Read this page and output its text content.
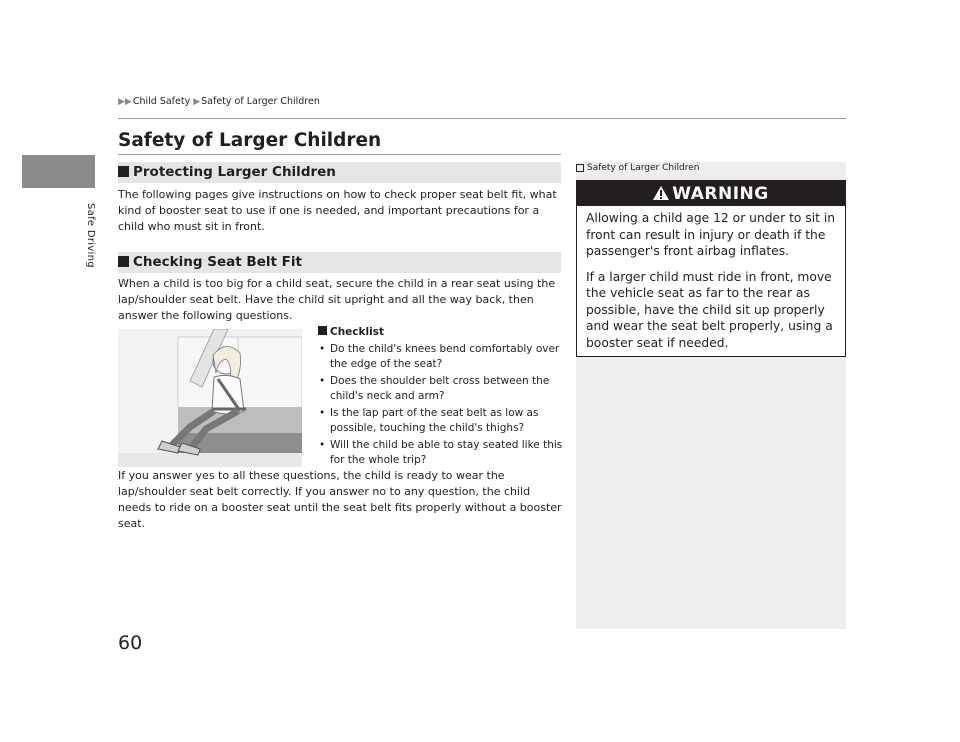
Safe Driving
▶▶ Child Safety ▶ Safety of Larger Children
Safety of Larger Children
Protecting Larger Children
The following pages give instructions on how to check proper seat belt fit, what kind of booster seat to use if one is needed, and important precautions for a child who must sit in front.
Checking Seat Belt Fit
When a child is too big for a child seat, secure the child in a rear seat using the lap/shoulder seat belt. Have the child sit upright and all the way back, then answer the following questions.
Checklist
• Do the child's knees bend comfortably over the edge of the seat?
• Does the shoulder belt cross between the child's neck and arm?
• Is the lap part of the seat belt as low as possible, touching the child's thighs?
• Will the child be able to stay seated like this for the whole trip?
If you answer yes to all these questions, the child is ready to wear the lap/shoulder seat belt correctly. If you answer no to any question, the child needs to ride on a booster seat until the seat belt fits properly without a booster seat.
Safety of Larger Children
WARNING

Allowing a child age 12 or under to sit in front can result in injury or death if the passenger's front airbag inflates.

If a larger child must ride in front, move the vehicle seat as far to the rear as possible, have the child sit up properly and wear the seat belt properly, using a booster seat if needed.

60
